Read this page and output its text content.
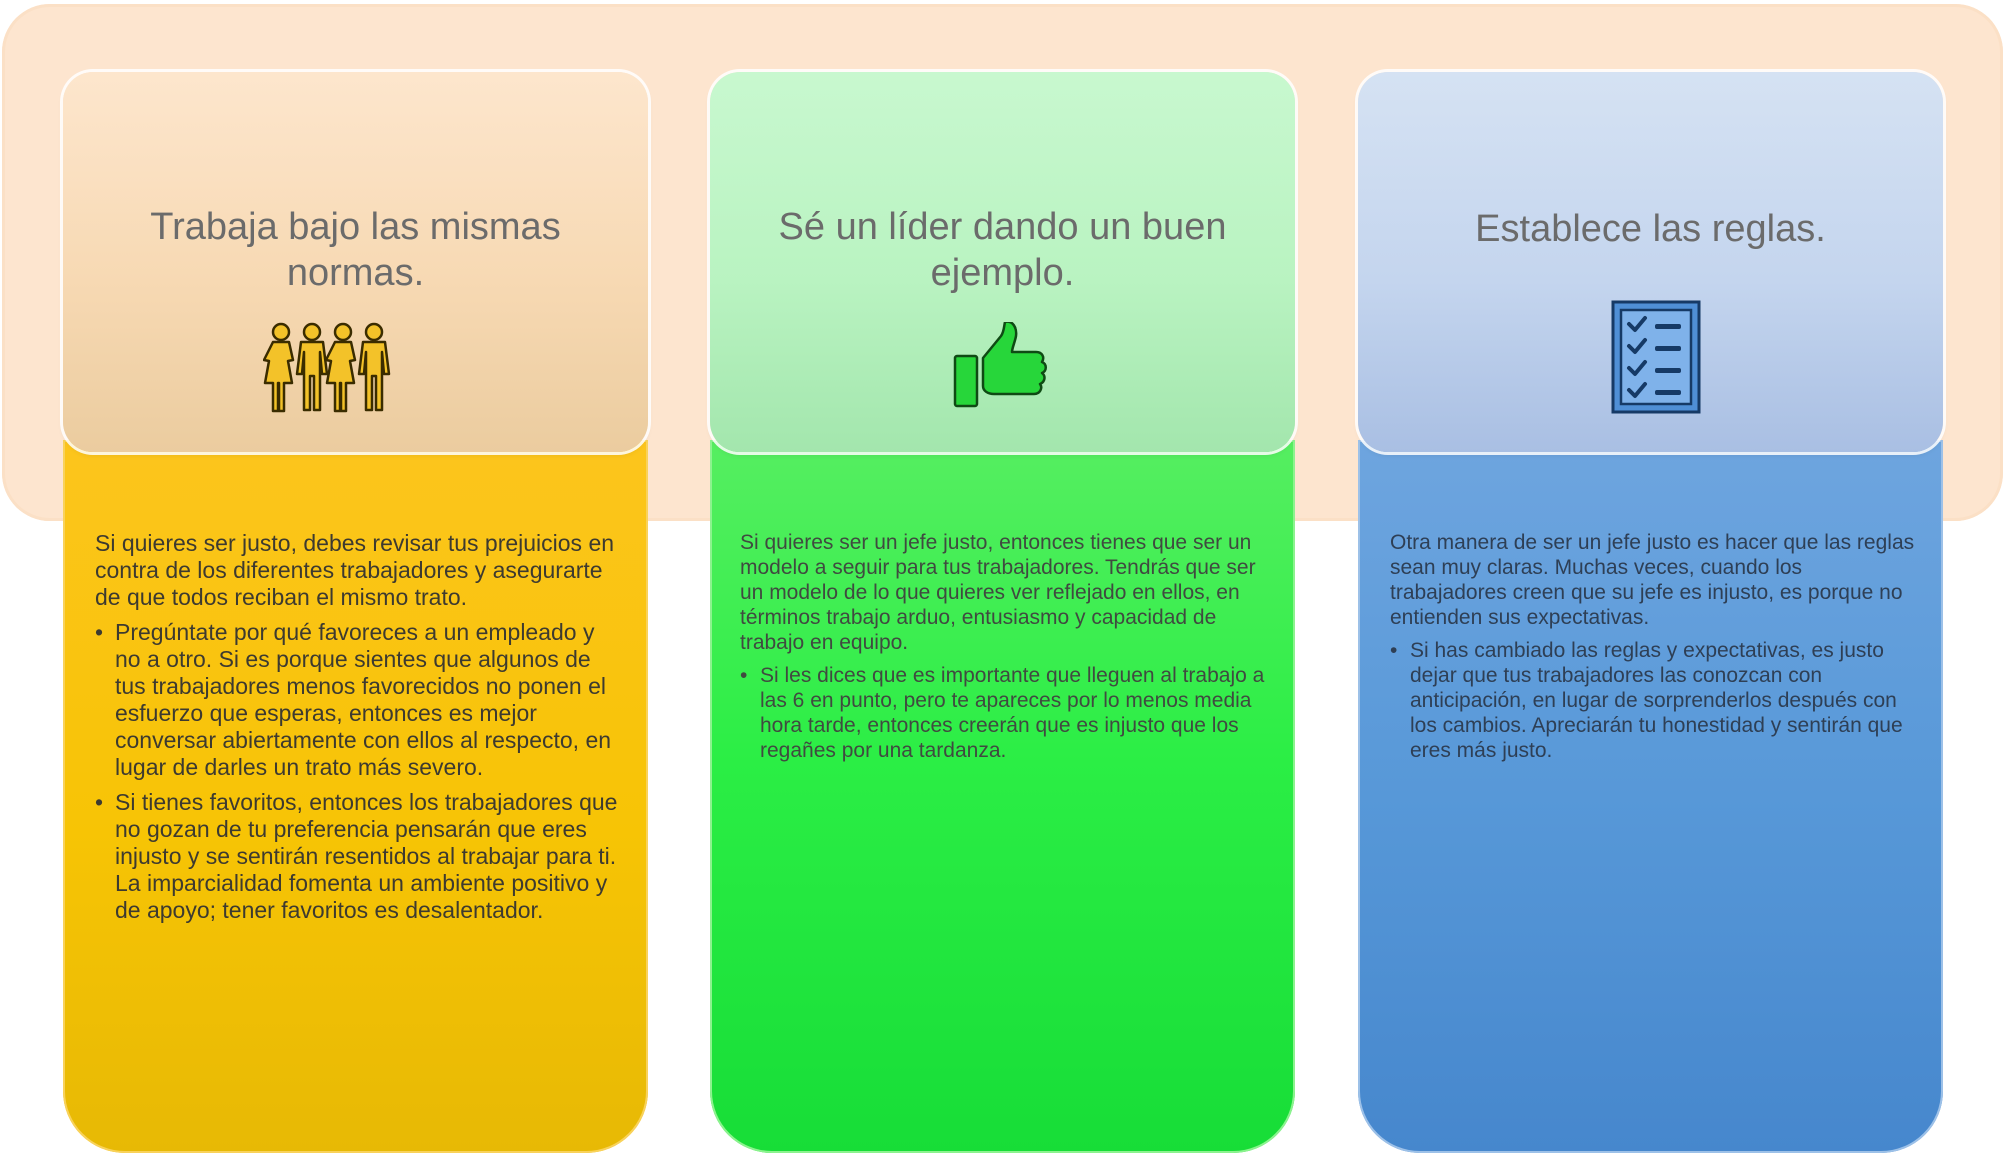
Si quieres ser justo, debes revisar tus prejuicios en contra de los diferentes trabajadores y asegurarte de que todos reciban el mismo trato.

• Pregúntate por qué favoreces a un empleado y no a otro. Si es porque sientes que algunos de tus trabajadores menos favorecidos no ponen el esfuerzo que esperas, entonces es mejor conversar abiertamente con ellos al respecto, en lugar de darles un trato más severo.
• Si tienes favoritos, entonces los trabajadores que no gozan de tu preferencia pensarán que eres injusto y se sentirán resentidos al trabajar para ti. La imparcialidad fomenta un ambiente positivo y de apoyo; tener favoritos es desalentador.

Si quieres ser un jefe justo, entonces tienes que ser un modelo a seguir para tus trabajadores. Tendrás que ser un modelo de lo que quieres ver reflejado en ellos, en términos trabajo arduo, entusiasmo y capacidad de trabajo en equipo.

• Si les dices que es importante que lleguen al trabajo a las 6 en punto, pero te apareces por lo menos media hora tarde, entonces creerán que es injusto que los regañes por una tardanza.

Otra manera de ser un jefe justo es hacer que las reglas sean muy claras. Muchas veces, cuando los trabajadores creen que su jefe es injusto, es porque no entienden sus expectativas.

• Si has cambiado las reglas y expectativas, es justo dejar que tus trabajadores las conozcan con anticipación, en lugar de sorprenderlos después con los cambios. Apreciarán tu honestidad y sentirán que eres más justo.
Trabaja bajo las mismas normas.
Sé un líder dando un buen ejemplo.
Establece las reglas.
